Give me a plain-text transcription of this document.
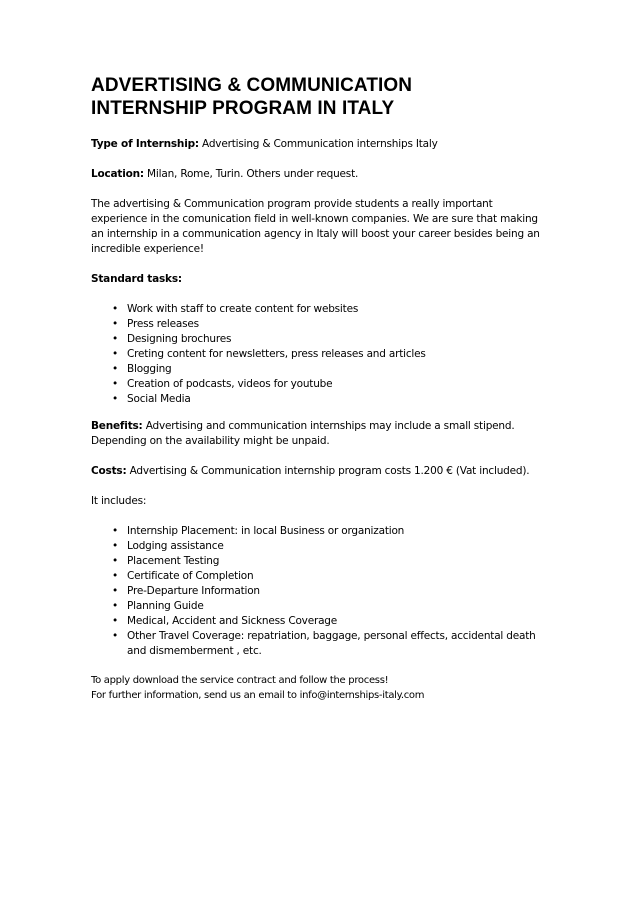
ADVERTISING & COMMUNICATION
INTERNSHIP PROGRAM IN ITALY

Type of Internship: Advertising & Communication internships Italy

Location: Milan, Rome, Turin. Others under request.

The advertising & Communication program provide students a really important experience in the comunication field in well-known companies. We are sure that making an internship in a communication agency in Italy will boost your career besides being an incredible experience!

Standard tasks:

• Work with staff to create content for websites
• Press releases
• Designing brochures
• Creting content for newsletters, press releases and articles
• Blogging
• Creation of podcasts, videos for youtube
• Social Media

Benefits: Advertising and communication internships may include a small stipend. Depending on the availability might be unpaid.

Costs: Advertising & Communication internship program costs 1.200 € (Vat included).

It includes:

• Internship Placement: in local Business or organization
• Lodging assistance
• Placement Testing
• Certificate of Completion
• Pre-Departure Information
• Planning Guide
• Medical, Accident and Sickness Coverage
• Other Travel Coverage: repatriation, baggage, personal effects, accidental death and dismemberment , etc.

To apply download the service contract and follow the process!

For further information, send us an email to info@internships-italy.com
